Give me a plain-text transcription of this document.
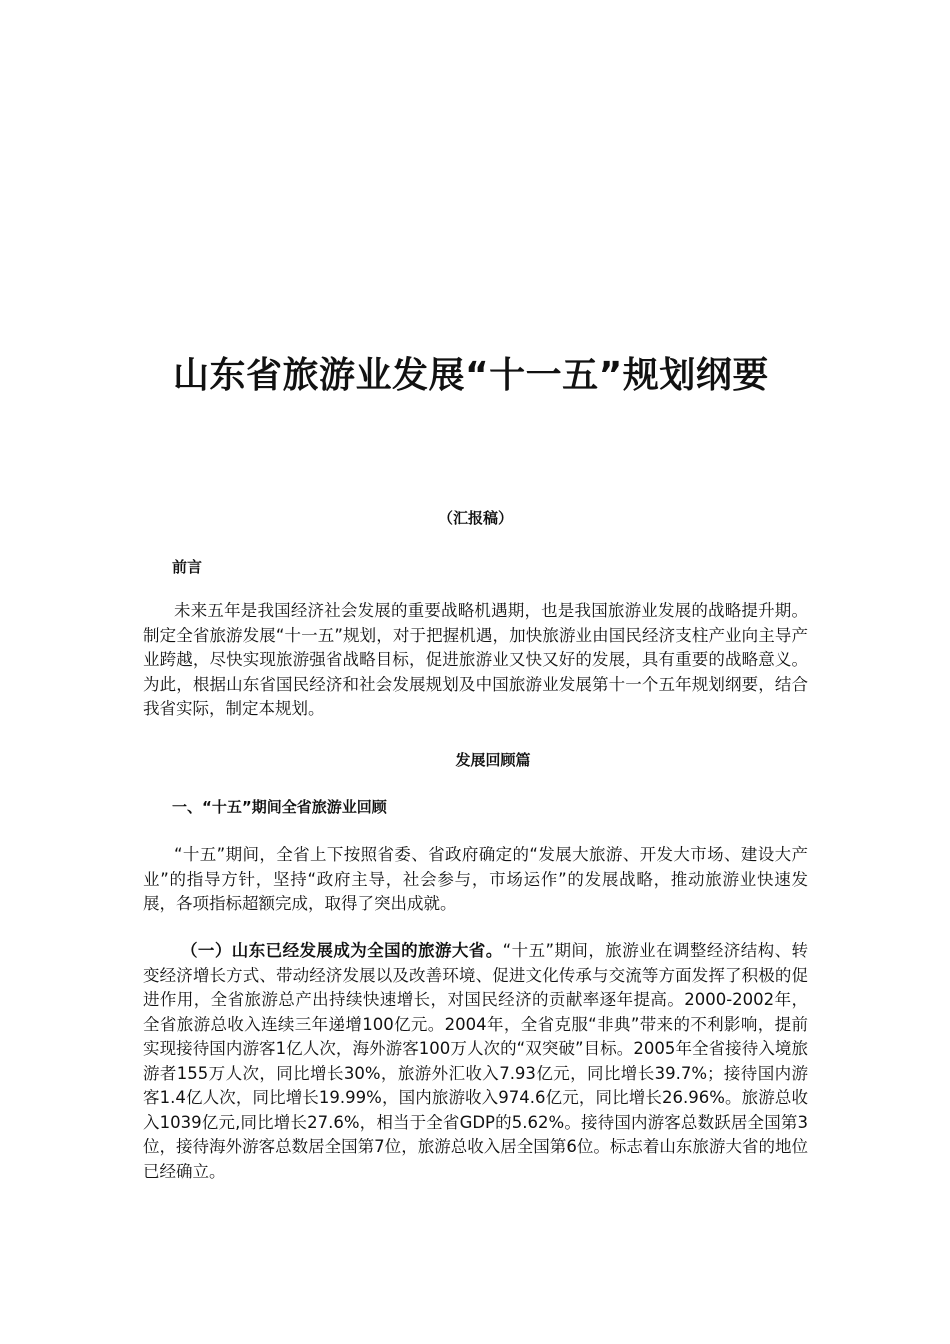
山东省旅游业发展“十一五”规划纲要

（汇报稿）

前言

未来五年是我国经济社会发展的重要战略机遇期，也是我国旅游业发展的战略提升期。制定全省旅游发展“十一五”规划，对于把握机遇，加快旅游业由国民经济支柱产业向主导产业跨越，尽快实现旅游强省战略目标，促进旅游业又快又好的发展，具有重要的战略意义。为此，根据山东省国民经济和社会发展规划及中国旅游业发展第十一个五年规划纲要，结合我省实际，制定本规划。

发展回顾篇

一、“十五”期间全省旅游业回顾

“十五”期间，全省上下按照省委、省政府确定的“发展大旅游、开发大市场、建设大产业”的指导方针，坚持“政府主导，社会参与，市场运作”的发展战略，推动旅游业快速发展，各项指标超额完成，取得了突出成就。

（一）山东已经发展成为全国的旅游大省。“十五”期间，旅游业在调整经济结构、转变经济增长方式、带动经济发展以及改善环境、促进文化传承与交流等方面发挥了积极的促进作用，全省旅游总产出持续快速增长，对国民经济的贡献率逐年提高。2000-2002年，全省旅游总收入连续三年递增100亿元。2004年，全省克服“非典”带来的不利影响，提前实现接待国内游客1亿人次，海外游客100万人次的“双突破”目标。2005年全省接待入境旅游者155万人次，同比增长30%，旅游外汇收入7.93亿元，同比增长39.7%；接待国内游客1.4亿人次，同比增长19.99%，国内旅游收入974.6亿元，同比增长26.96%。旅游总收入1039亿元,同比增长27.6%，相当于全省GDP的5.62%。接待国内游客总数跃居全国第3位，接待海外游客总数居全国第7位，旅游总收入居全国第6位。标志着山东旅游大省的地位已经确立。
